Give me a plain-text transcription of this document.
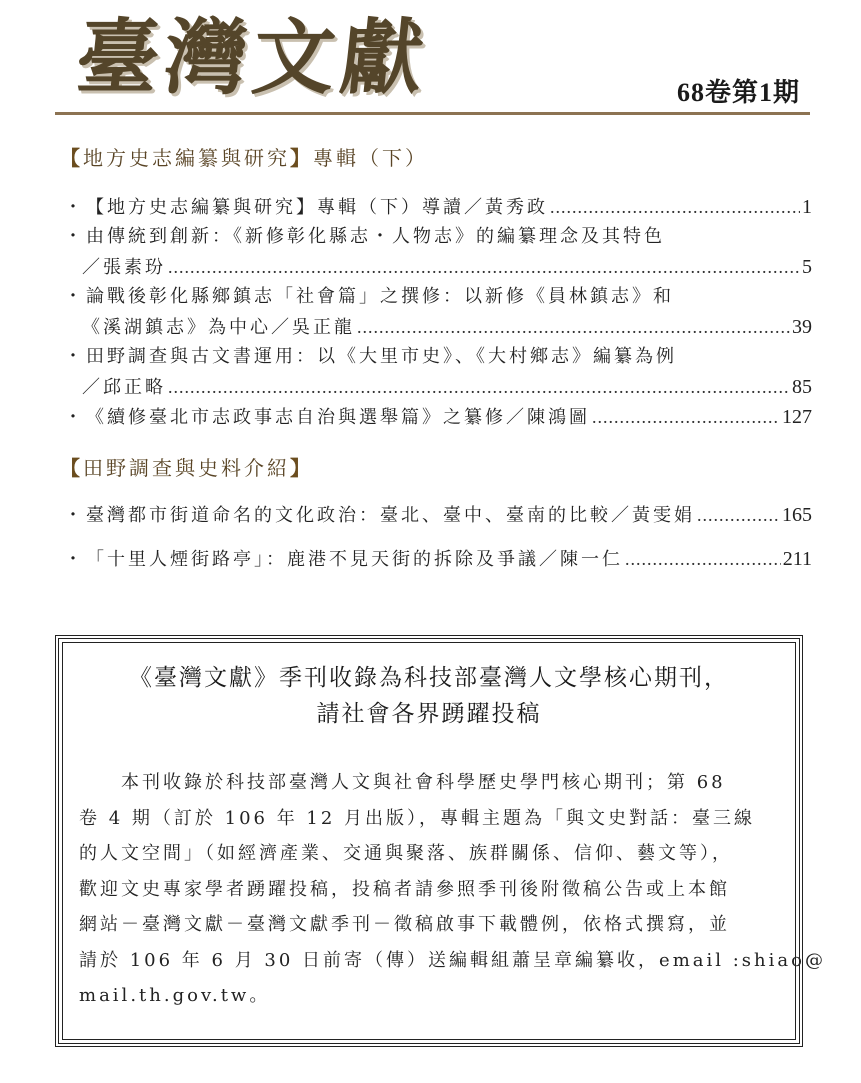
臺灣文獻	68卷第1期
【地方史志編纂與研究】專輯（下）
・ 【地方史志編纂與研究】專輯（下）導讀／黃秀政 .....	1
・ 由傳統到創新：《新修彰化縣志・人物志》的編纂理念及其特色
／張素玢 .....	5
・ 論戰後彰化縣鄉鎮志「社會篇」之撰修：以新修《員林鎮志》和
《溪湖鎮志》為中心／吳正龍 .....	39
・ 田野調查與古文書運用：以《大里市史》、《大村鄉志》編纂為例
／邱正略 .....	85
・ 《續修臺北市志政事志自治與選舉篇》之纂修／陳鴻圖 .....	127
【田野調查與史料介紹】
・ 臺灣都市街道命名的文化政治：臺北、臺中、臺南的比較／黃雯娟 .....	165
・ 「十里人煙街路亭」：鹿港不見天街的拆除及爭議／陳一仁 .....	211
《臺灣文獻》季刊收錄為科技部臺灣人文學核心期刊，
請社會各界踴躍投稿
　　本刊收錄於科技部臺灣人文與社會科學歷史學門核心期刊；第 68
卷 4 期（訂於 106 年 12 月出版），專輯主題為「與文史對話：臺三線
的人文空間」（如經濟產業、交通與聚落、族群關係、信仰、藝文等），
歡迎文史專家學者踴躍投稿，投稿者請參照季刊後附徵稿公告或上本館
網站－臺灣文獻－臺灣文獻季刊－徵稿啟事下載體例，依格式撰寫，並
請於 106 年 6 月 30 日前寄（傳）送編輯組蕭呈章編纂收，email :shiao@
mail.th.gov.tw。
